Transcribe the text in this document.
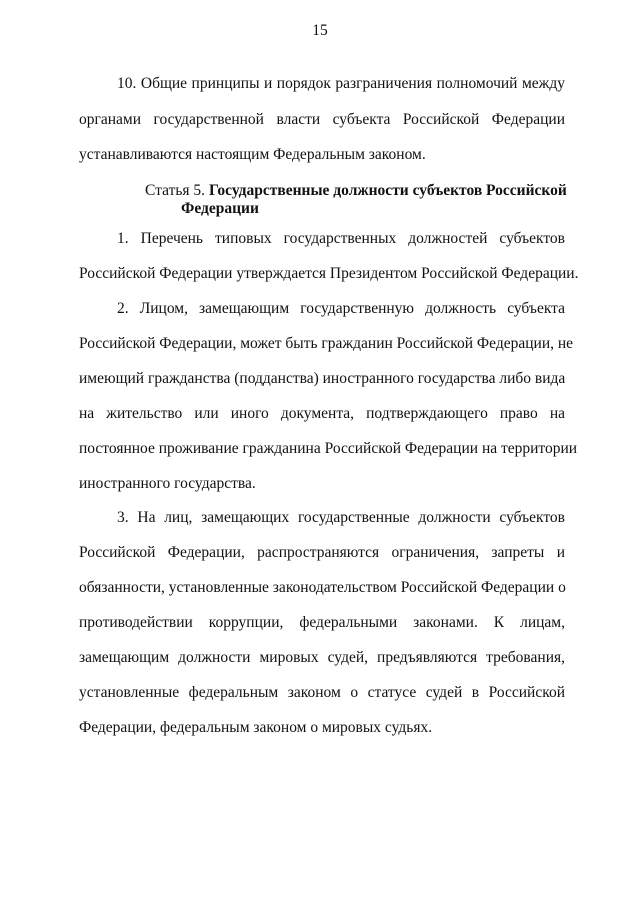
15
10. Общие принципы и порядок разграничения полномочий между
органами государственной власти субъекта Российской Федерации
устанавливаются настоящим Федеральным законом.
Статья 5. Государственные должности субъектов Российской
Федерации
1. Перечень типовых государственных должностей субъектов
Российской Федерации утверждается Президентом Российской Федерации.
2. Лицом, замещающим государственную должность субъекта
Российской Федерации, может быть гражданин Российской Федерации, не
имеющий гражданства (подданства) иностранного государства либо вида
на жительство или иного документа, подтверждающего право на
постоянное проживание гражданина Российской Федерации на территории
иностранного государства.
3. На лиц, замещающих государственные должности субъектов
Российской Федерации, распространяются ограничения, запреты и
обязанности, установленные законодательством Российской Федерации о
противодействии коррупции, федеральными законами. К лицам,
замещающим должности мировых судей, предъявляются требования,
установленные федеральным законом о статусе судей в Российской
Федерации, федеральным законом о мировых судьях.
